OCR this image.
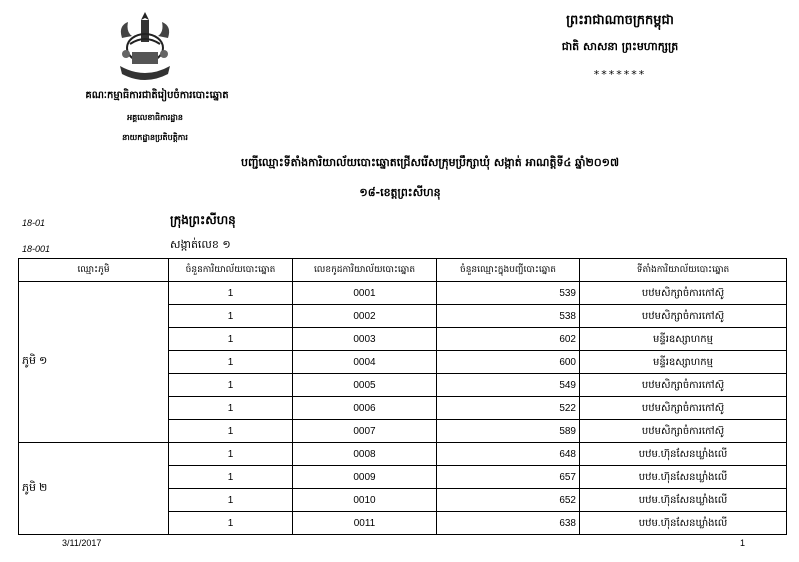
ព្រះរាជាណាចក្រកម្ពុជា
ជាតិ សាសនា ព្រះមហាក្សត្រ
*******
គណៈកម្មាធិការជាតិរៀបចំការបោះឆ្នោត
អគ្គលេខាធិការដ្ឋាន
នាយកដ្ឋានប្រតិបត្តិការ
បញ្ជីឈ្មោះទីតាំងការិយាល័យបោះឆ្នោតជ្រើសរើសក្រុមប្រឹក្សាឃុំ សង្កាត់ អាណត្តិទី៤ ឆ្នាំ២០១៧
១៨-ខេត្តព្រះសីហនុ
18-01	ក្រុងព្រះសីហនុ
18-001	សង្កាត់លេខ ១
ឈ្មោះភូមិ	ចំនួនការិយាល័យបោះឆ្នោត	លេខកូដការិយាល័យបោះឆ្នោត	ចំនួនឈ្មោះក្នុងបញ្ជីបោះឆ្នោត	ទីតាំងការិយាល័យបោះឆ្នោត
ភូមិ ១	1	0001	539	បឋមសិក្សាចំការកៅស៊ូ
	1	0002	538	បឋមសិក្សាចំការកៅស៊ូ
	1	0003	602	មន្ទីរឧស្សាហកម្ម
	1	0004	600	មន្ទីរឧស្សាហកម្ម
	1	0005	549	បឋមសិក្សាចំការកៅស៊ូ
	1	0006	522	បឋមសិក្សាចំការកៅស៊ូ
	1	0007	589	បឋមសិក្សាចំការកៅស៊ូ
ភូមិ ២	1	0008	648	បឋម.ហ៊ុនសែនឃ្លាំងលើ
	1	0009	657	បឋម.ហ៊ុនសែនឃ្លាំងលើ
	1	0010	652	បឋម.ហ៊ុនសែនឃ្លាំងលើ
	1	0011	638	បឋម.ហ៊ុនសែនឃ្លាំងលើ
3/11/2017	1
